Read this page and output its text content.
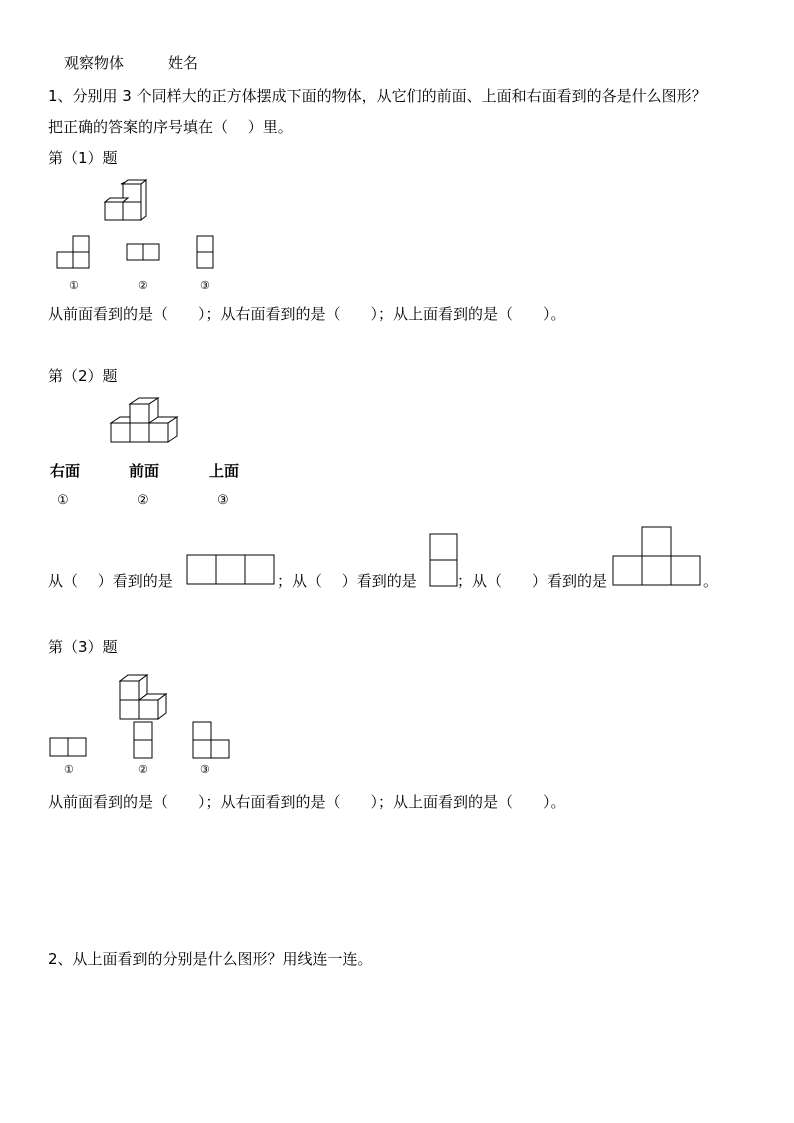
观察物体	姓名
1、分别用 3 个同样大的正方体摆成下面的物体，从它们的前面、上面和右面看到的各是什么图形？
把正确的答案的序号填在（　 ）里。
第（1）题
①	②	③
从前面看到的是（　　）；从右面看到的是（　　）；从上面看到的是（　　）。
第（2）题
右面	前面	上面
①	②	③
从（　 ）看到的是	；从（　 ）看到的是	；从（　　）看到的是	。
第（3）题
①	②	③
从前面看到的是（　　）；从右面看到的是（　　）；从上面看到的是（　　）。
2、从上面看到的分别是什么图形？用线连一连。
